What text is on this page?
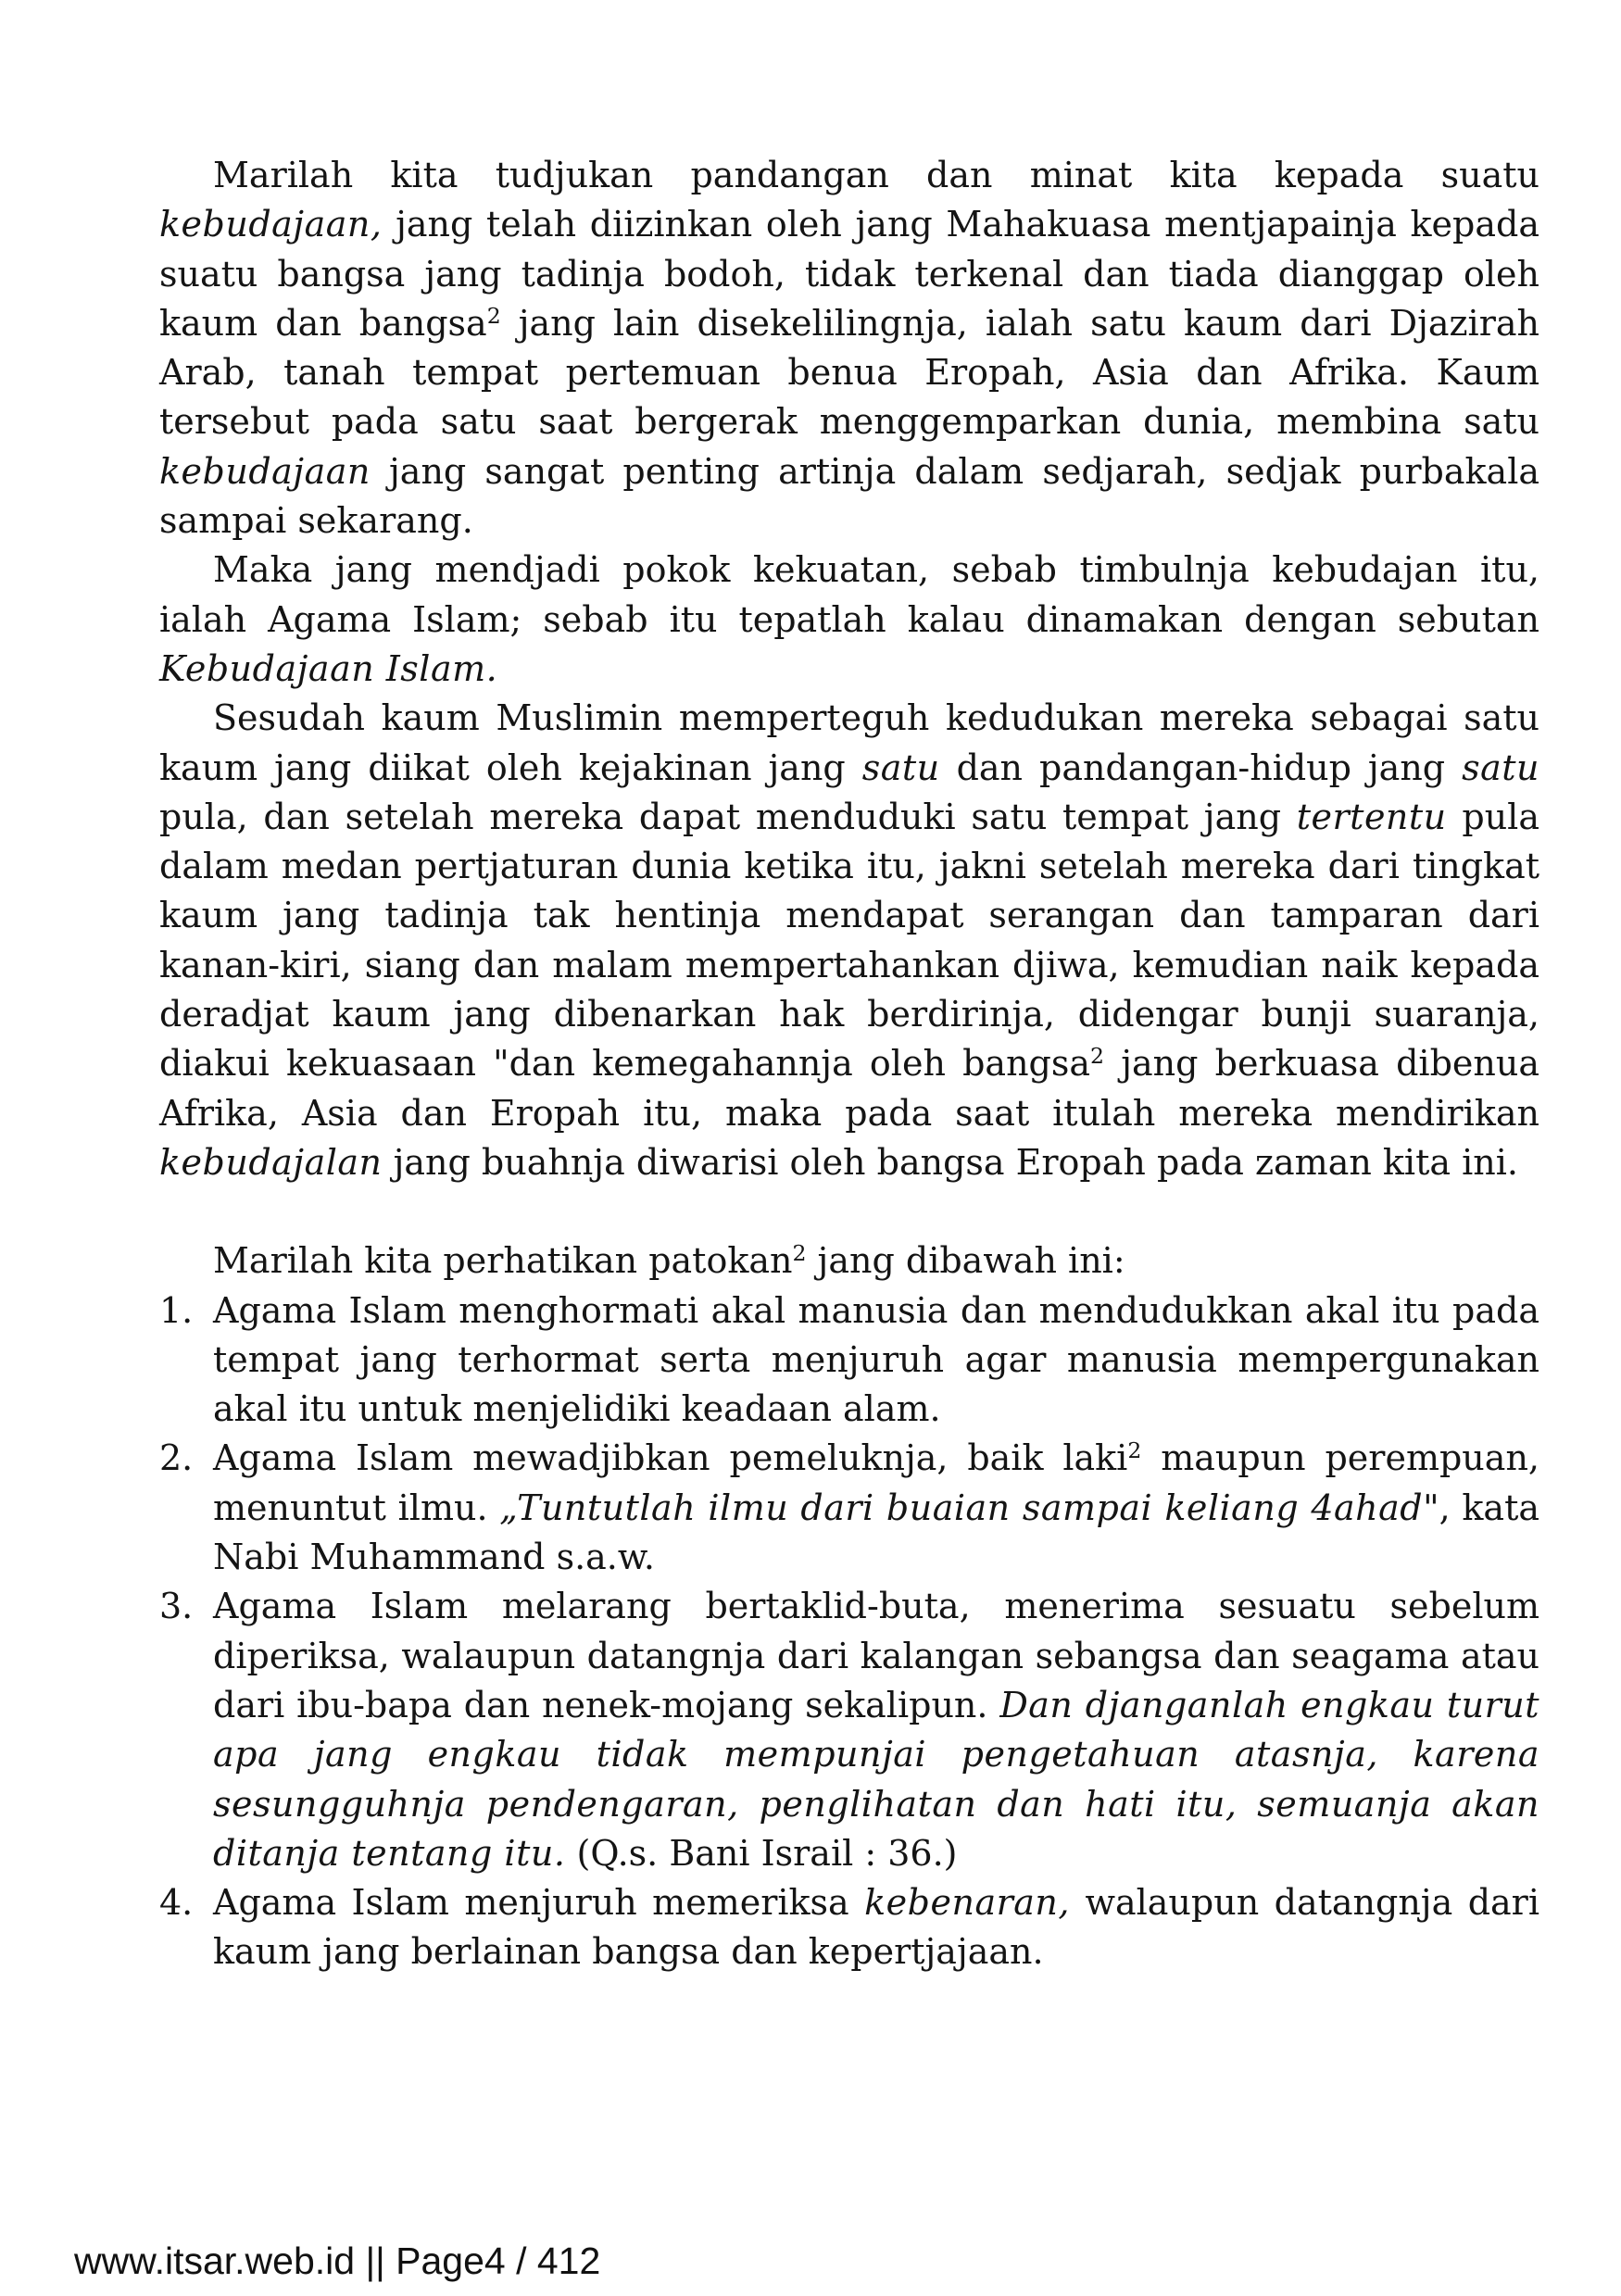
Marilah kita tudjukan pandangan dan minat kita kepada suatu kebudajaan, jang telah diizinkan oleh jang Mahakuasa mentjapainja kepada suatu bangsa jang tadinja bodoh, tidak terkenal dan tiada dianggap oleh kaum dan bangsa$^2$ jang lain disekelilingnja, ialah satu kaum dari Djazirah Arab, tanah tempat pertemuan benua Eropah, Asia dan Afrika. Kaum tersebut pada satu saat bergerak menggemparkan dunia, membina satu kebudajaan jang sangat penting artinja dalam sedjarah, sedjak purbakala sampai sekarang.

Maka jang mendjadi pokok kekuatan, sebab timbulnja kebudajan itu, ialah Agama Islam; sebab itu tepatlah kalau dinamakan dengan sebutan Kebudajaan Islam.

Sesudah kaum Muslimin memperteguh kedudukan mereka sebagai satu kaum jang diikat oleh kejakinan jang satu dan pandangan-hidup jang satu pula, dan setelah mereka dapat menduduki satu tempat jang tertentu pula dalam medan pertjaturan dunia ketika itu, jakni setelah mereka dari tingkat kaum jang tadinja tak hentinja mendapat serangan dan tamparan dari kanan-kiri, siang dan malam mempertahankan djiwa, kemudian naik kepada deradjat kaum jang dibenarkan hak berdirinja, didengar bunji suaranja, diakui kekuasaan "dan kemegahannja oleh bangsa$^2$ jang berkuasa dibenua Afrika, Asia dan Eropah itu, maka pada saat itulah mereka mendirikan kebudajalan jang buahnja diwarisi oleh bangsa Eropah pada zaman kita ini.

Marilah kita perhatikan patokan$^2$ jang dibawah ini:

1. Agama Islam menghormati akal manusia dan mendudukkan akal itu pada tempat jang terhormat serta menjuruh agar manusia mempergunakan akal itu untuk menjelidiki keadaan alam.
2. Agama Islam mewadjibkan pemeluknja, baik laki$^2$ maupun perempuan, menuntut ilmu. „Tuntutlah ilmu dari buaian sampai keliang 4ahad", kata Nabi Muhammand s.a.w.
3. Agama Islam melarang bertaklid-buta, menerima sesuatu sebelum diperiksa, walaupun datangnja dari kalangan sebangsa dan seagama atau dari ibu-bapa dan nenek-mojang sekalipun. Dan djanganlah engkau turut apa jang engkau tidak mempunjai pengetahuan atasnja, karena sesungguhnja pendengaran, penglihatan dan hati itu, semuanja akan ditanja tentang itu. (Q.s. Bani Israil : 36.)
4. Agama Islam menjuruh memeriksa kebenaran, walaupun datangnja dari kaum jang berlainan bangsa dan kepertjajaan.
www.itsar.web.id || Page4 / 412
